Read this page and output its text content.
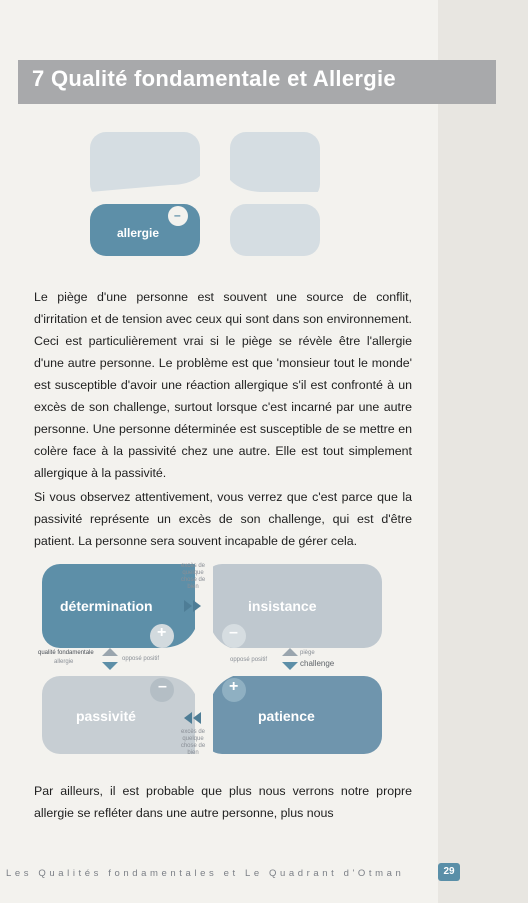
7 Qualité fondamentale et Allergie
allergie
–
Le piège d'une personne est souvent une source de conflit, d'irritation et de tension avec ceux qui sont dans son environnement. Ceci est particulièrement vrai si le piège se révèle être l'allergie d'une autre personne. Le problème est que 'monsieur tout le monde' est susceptible d'avoir une réaction allergique s'il est confronté à un excès de son challenge, surtout lorsque c'est incarné par une autre personne. Une personne déterminée est susceptible de se mettre en colère face à la passivité chez une autre. Elle est tout simplement allergique à la passivité.
Si vous observez attentivement, vous verrez que c'est parce que la passivité représente un excès de son challenge, qui est d'être patient. La personne sera souvent incapable de gérer cela.
détermination	insistance
passivité	patience
+	–
–	+
excès de quelque chose de bien
excès de quelque chose de bien
qualité fondamentale
allergie	opposé positif	opposé positif
piège
challenge
Par ailleurs, il est probable que plus nous verrons notre propre allergie se refléter dans une autre personne, plus nous
Les Qualités fondamentales et Le Quadrant d'Otman	29
